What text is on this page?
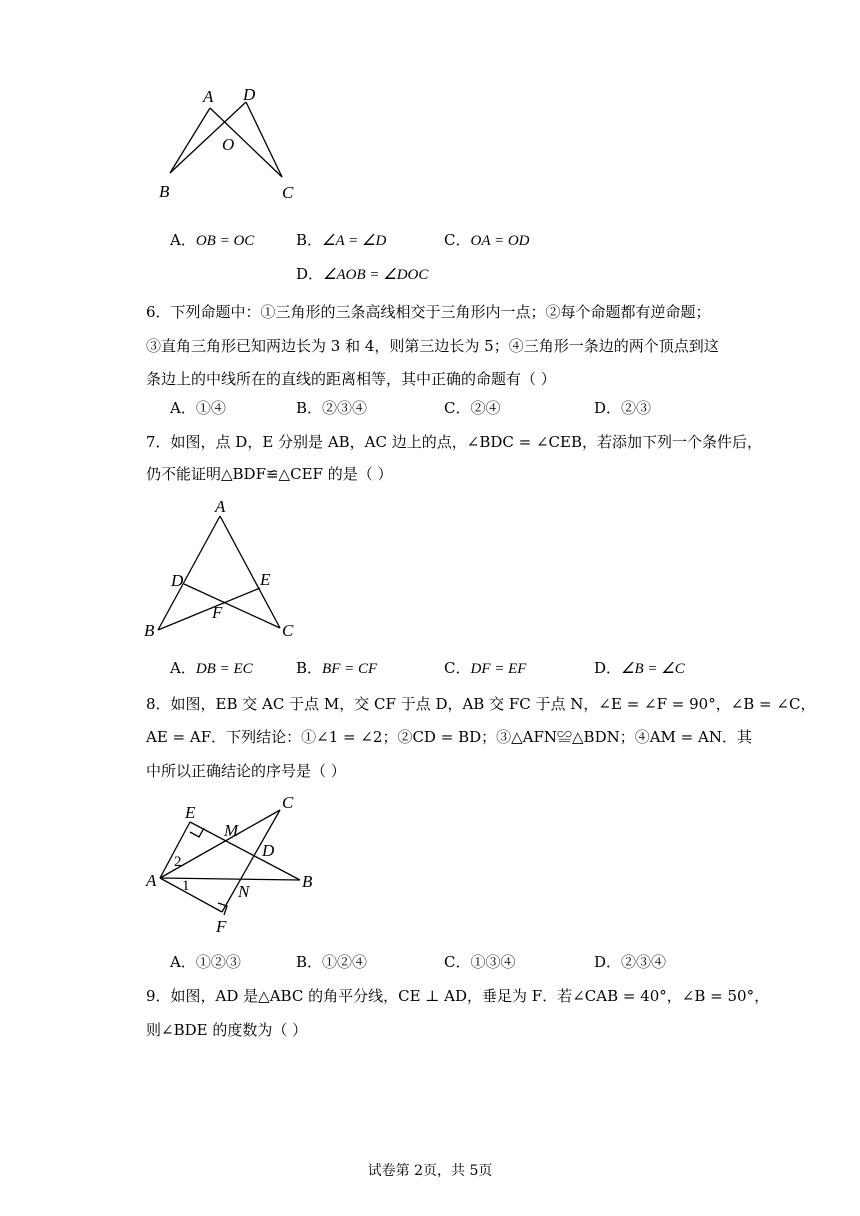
A D
O
B	C
A．OB = OC	B．∠A = ∠D	C．OA = OD
D．∠AOB = ∠DOC
6．下列命题中：①三角形的三条高线相交于三角形内一点；②每个命题都有逆命题；
③直角三角形已知两边长为 3 和 4，则第三边长为 5；④三角形一条边的两个顶点到这
条边上的中线所在的直线的距离相等，其中正确的命题有（ ）
A．①④	B．②③④	C．②④	D．②③
7．如图，点 D，E 分别是 AB，AC 边上的点，∠BDC = ∠CEB，若添加下列一个条件后，
仍不能证明△BDF≌△CEF 的是（ ）
A
D	E
F
B	C
A．DB = EC	B．BF = CF	C．DF = EF	D．∠B = ∠C
8．如图，EB 交 AC 于点 M，交 CF 于点 D，AB 交 FC 于点 N，∠E = ∠F = 90°，∠B = ∠C，
AE = AF．下列结论：①∠1 = ∠2；②CD = BD；③△AFN≌△BDN；④AM = AN．其
中所以正确结论的序号是（ ）
E
C
M
D
2
A 1	N
B
F
A．①②③	B．①②④	C．①③④	D．②③④
9．如图，AD 是△ABC 的角平分线，CE ⊥ AD，垂足为 F．若∠CAB = 40°，∠B = 50°，
则∠BDE 的度数为（ ）
试卷第 2页，共 5页
